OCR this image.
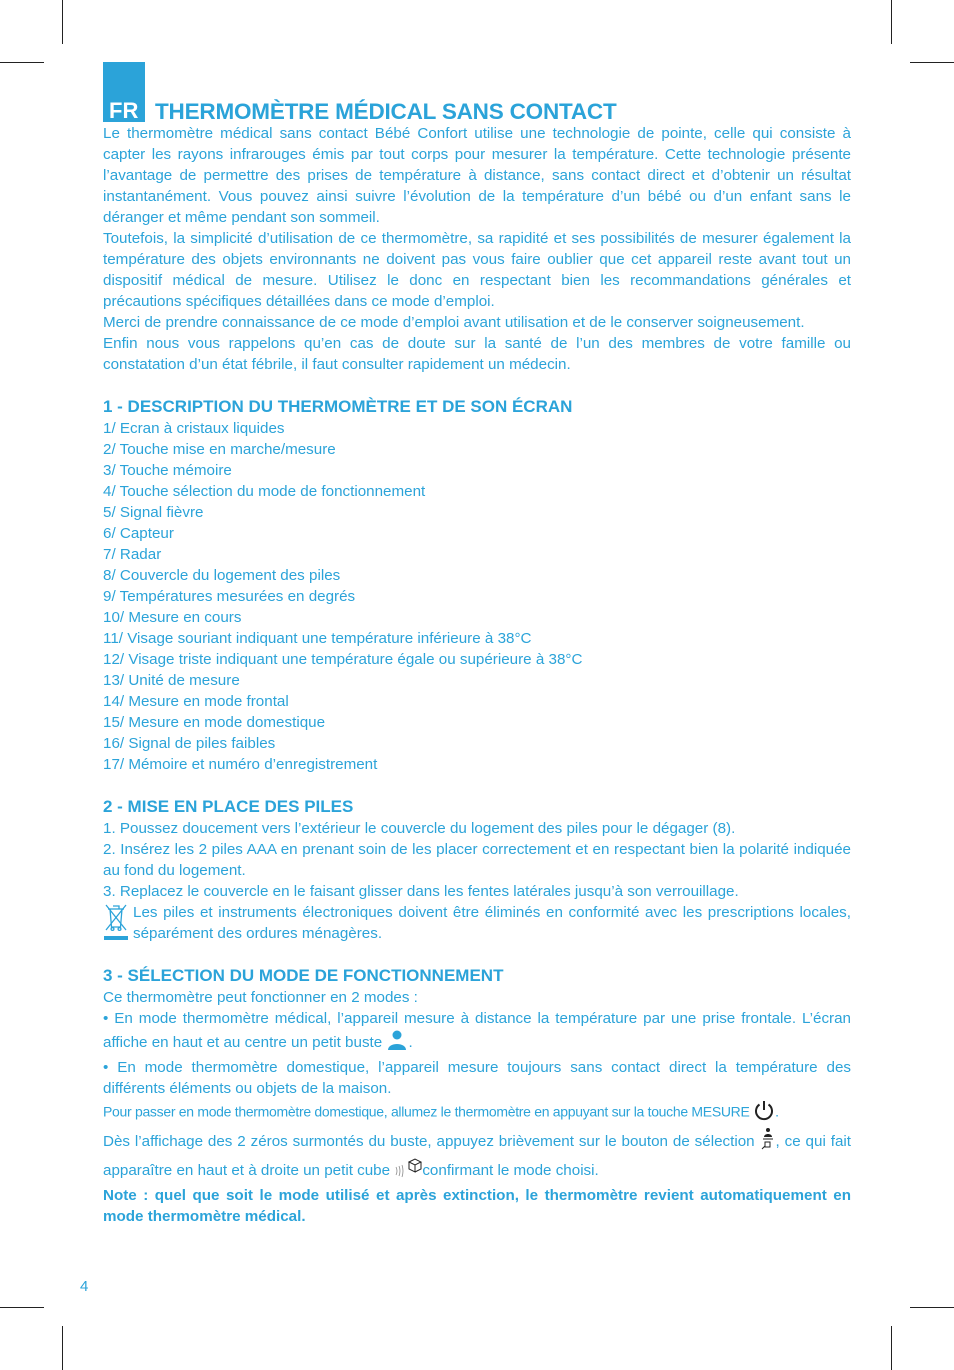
FR THERMOMÈTRE MÉDICAL SANS CONTACT

Le thermomètre médical sans contact Bébé Confort utilise une technologie de pointe, celle qui consiste à capter les rayons infrarouges émis par tout corps pour mesurer la température. Cette technologie présente l’avantage de permettre des prises de température à distance, sans contact direct et d’obtenir un résultat instantanément. Vous pouvez ainsi suivre l’évolution de la température d’un bébé ou d’un enfant sans le déranger et même pendant son sommeil.

Toutefois, la simplicité d’utilisation de ce thermomètre, sa rapidité et ses possibilités de mesurer également la température des objets environnants ne doivent pas vous faire oublier que cet appareil reste avant tout un dispositif médical de mesure. Utilisez le donc en respectant bien les recommandations générales et précautions spécifiques détaillées dans ce mode d’emploi.

Merci de prendre connaissance de ce mode d’emploi avant utilisation et de le conserver soigneusement.

Enfin nous vous rappelons qu’en cas de doute sur la santé de l’un des membres de votre famille ou constatation d’un état fébrile, il faut consulter rapidement un médecin.

1 - DESCRIPTION DU THERMOMÈTRE ET DE SON ÉCRAN
1/ Ecran à cristaux liquides
2/ Touche mise en marche/mesure
3/ Touche mémoire
4/ Touche sélection du mode de fonctionnement
5/ Signal fièvre
6/ Capteur
7/ Radar
8/ Couvercle du logement des piles
9/ Températures mesurées en degrés
10/ Mesure en cours
11/ Visage souriant indiquant une température inférieure à 38°C
12/ Visage triste indiquant une température égale ou supérieure à 38°C
13/ Unité de mesure
14/ Mesure en mode frontal
15/ Mesure en mode domestique
16/ Signal de piles faibles
17/ Mémoire et numéro d’enregistrement
2 - MISE EN PLACE DES PILES

1. Poussez doucement vers l’extérieur le couvercle du logement des piles pour le dégager (8).

2. Insérez les 2 piles AAA en prenant soin de les placer correctement et en respectant bien la polarité indiquée au fond du logement.

3. Replacez le couvercle en le faisant glisser dans les fentes latérales jusqu’à son verrouillage.

Les piles et instruments électroniques doivent être éliminés en conformité avec les prescriptions locales, séparément des ordures ménagères.
3 - SÉLECTION DU MODE DE FONCTIONNEMENT

Ce thermomètre peut fonctionner en 2 modes :

• En mode thermomètre médical, l’appareil mesure à distance la température par une prise frontale. L’écran affiche en haut et au centre un petit buste .

• En mode thermomètre domestique, l’appareil mesure toujours sans contact direct la température des différents éléments ou objets de la maison.

Pour passer en mode thermomètre domestique, allumez le thermomètre en appuyant sur la touche MESURE .

Dès l’affichage des 2 zéros surmontés du buste, appuyez brièvement sur le bouton de sélection , ce qui fait apparaître en haut et à droite un petit cube confirmant le mode choisi.

Note : quel que soit le mode utilisé et après extinction, le thermomètre revient automatiquement en mode thermomètre médical.

4
